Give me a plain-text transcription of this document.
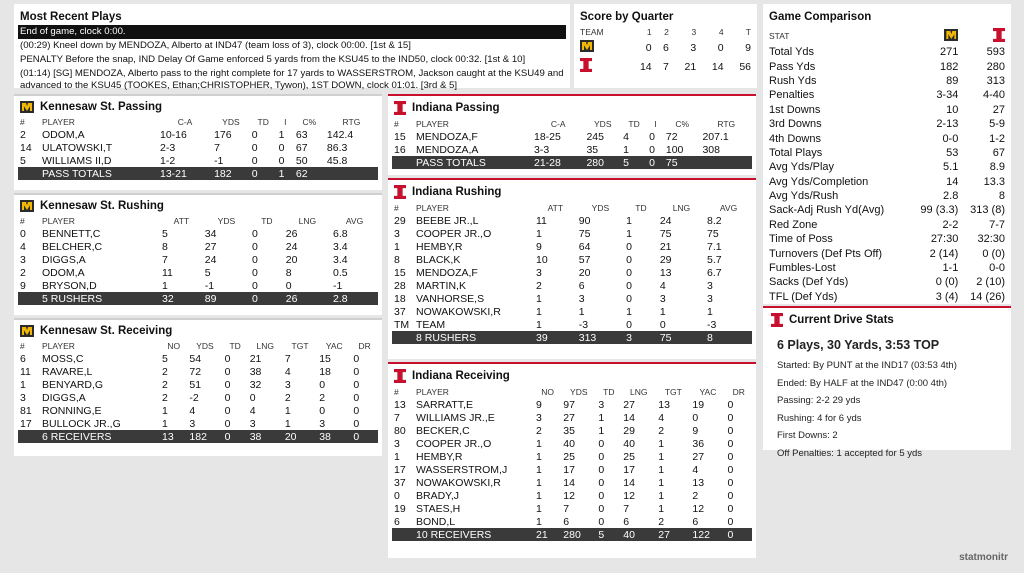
Most Recent Plays
End of game, clock 0:00.
(00:29) Kneel down by MENDOZA, Alberto at IND47 (team loss of 3), clock 00:00. [1st & 15]
PENALTY Before the snap, IND Delay Of Game enforced 5 yards from the KSU45 to the IND50, clock 00:32. [1st & 10]
(01:14) [SG] MENDOZA, Alberto pass to the right complete for 17 yards to WASSERSTROM, Jackson caught at the KSU49 and advanced to the KSU45 (TOOKES, Ethan;CHRISTOPHER, Tywon), 1ST DOWN, clock 01:01. [3rd & 5]
Score by Quarter
TEAM	1	2	3	4	T
	0	6	3	0	9
	14	7	21	14	56
Game Comparison
STAT		
Total Yds	271	593
Pass Yds	182	280
Rush Yds	89	313
Penalties	3-34	4-40
1st Downs	10	27
3rd Downs	2-13	5-9
4th Downs	0-0	1-2
Total Plays	53	67
Avg Yds/Play	5.1	8.9
Avg Yds/Completion	14	13.3
Avg Yds/Rush	2.8	8
Sack-Adj Rush Yd(Avg)	99 (3.3)	313 (8)
Red Zone	2-2	7-7
Time of Poss	27:30	32:30
Turnovers (Def Pts Off)	2 (14)	0 (0)
Fumbles-Lost	1-1	0-0
Sacks (Def Yds)	0 (0)	2 (10)
TFL (Def Yds)	3 (4)	14 (26)
Current Drive Stats
6 Plays, 30 Yards, 3:53 TOP
Started: By PUNT at the IND17 (03:53 4th)
Ended: By HALF at the IND47 (0:00 4th)
Passing: 2-2 29 yds
Rushing: 4 for 6 yds
First Downs: 2
Off Penalties: 1 accepted for 5 yds
Kennesaw St. Passing
#	PLAYER	C-A	YDS	TD	I	C%	RTG
2	ODOM,A	10-16	176	0	1	63	142.4
14	ULATOWSKI,T	2-3	7	0	0	67	86.3
5	WILLIAMS II,D	1-2	-1	0	0	50	45.8
	PASS TOTALS	13-21	182	0	1	62	
Kennesaw St. Rushing
#	PLAYER	ATT	YDS	TD	LNG	AVG
0	BENNETT,C	5	34	0	26	6.8
4	BELCHER,C	8	27	0	24	3.4
3	DIGGS,A	7	24	0	20	3.4
2	ODOM,A	11	5	0	8	0.5
9	BRYSON,D	1	-1	0	0	-1
	5 RUSHERS	32	89	0	26	2.8
Kennesaw St. Receiving
#	PLAYER	NO	YDS	TD	LNG	TGT	YAC	DR
6	MOSS,C	5	54	0	21	7	15	0
11	RAVARE,L	2	72	0	38	4	18	0
1	BENYARD,G	2	51	0	32	3	0	0
3	DIGGS,A	2	-2	0	0	2	2	0
81	RONNING,E	1	4	0	4	1	0	0
17	BULLOCK JR.,G	1	3	0	3	1	3	0
	6 RECEIVERS	13	182	0	38	20	38	0
Indiana Passing
#	PLAYER	C-A	YDS	TD	I	C%	RTG
15	MENDOZA,F	18-25	245	4	0	72	207.1
16	MENDOZA,A	3-3	35	1	0	100	308
	PASS TOTALS	21-28	280	5	0	75	
Indiana Rushing
#	PLAYER	ATT	YDS	TD	LNG	AVG
29	BEEBE JR.,L	11	90	1	24	8.2
3	COOPER JR.,O	1	75	1	75	75
1	HEMBY,R	9	64	0	21	7.1
8	BLACK,K	10	57	0	29	5.7
15	MENDOZA,F	3	20	0	13	6.7
28	MARTIN,K	2	6	0	4	3
18	VANHORSE,S	1	3	0	3	3
37	NOWAKOWSKI,R	1	1	1	1	1
TM	TEAM	1	-3	0	0	-3
	8 RUSHERS	39	313	3	75	8
Indiana Receiving
#	PLAYER	NO	YDS	TD	LNG	TGT	YAC	DR
13	SARRATT,E	9	97	3	27	13	19	0
7	WILLIAMS JR.,E	3	27	1	14	4	0	0
80	BECKER,C	2	35	1	29	2	9	0
3	COOPER JR.,O	1	40	0	40	1	36	0
1	HEMBY,R	1	25	0	25	1	27	0
17	WASSERSTROM,J	1	17	0	17	1	4	0
37	NOWAKOWSKI,R	1	14	0	14	1	13	0
0	BRADY,J	1	12	0	12	1	2	0
19	STAES,H	1	7	0	7	1	12	0
6	BOND,L	1	6	0	6	2	6	0
	10 RECEIVERS	21	280	5	40	27	122	0
statmonitr
